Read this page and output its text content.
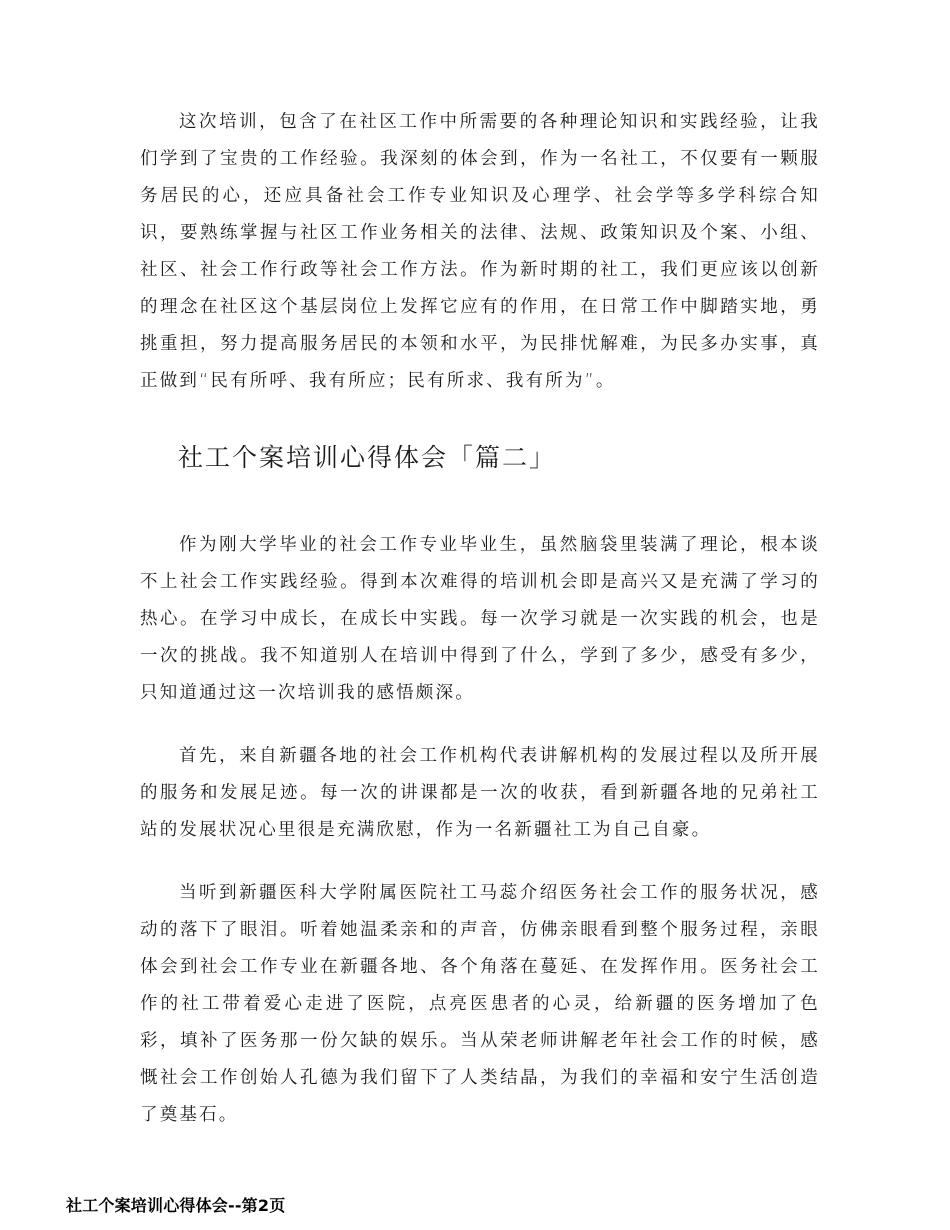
这次培训，包含了在社区工作中所需要的各种理论知识和实践经验，让我们学到了宝贵的工作经验。我深刻的体会到，作为一名社工，不仅要有一颗服务居民的心，还应具备社会工作专业知识及心理学、社会学等多学科综合知识，要熟练掌握与社区工作业务相关的法律、法规、政策知识及个案、小组、社区、社会工作行政等社会工作方法。作为新时期的社工，我们更应该以创新的理念在社区这个基层岗位上发挥它应有的作用，在日常工作中脚踏实地，勇挑重担，努力提高服务居民的本领和水平，为民排忧解难，为民多办实事，真正做到“民有所呼、我有所应；民有所求、我有所为”。

社工个案培训心得体会「篇二」

作为刚大学毕业的社会工作专业毕业生，虽然脑袋里装满了理论，根本谈不上社会工作实践经验。得到本次难得的培训机会即是高兴又是充满了学习的热心。在学习中成长，在成长中实践。每一次学习就是一次实践的机会，也是一次的挑战。我不知道别人在培训中得到了什么，学到了多少，感受有多少，只知道通过这一次培训我的感悟颇深。

首先，来自新疆各地的社会工作机构代表讲解机构的发展过程以及所开展的服务和发展足迹。每一次的讲课都是一次的收获，看到新疆各地的兄弟社工站的发展状况心里很是充满欣慰，作为一名新疆社工为自己自豪。

当听到新疆医科大学附属医院社工马蕊介绍医务社会工作的服务状况，感动的落下了眼泪。听着她温柔亲和的声音，仿佛亲眼看到整个服务过程，亲眼体会到社会工作专业在新疆各地、各个角落在蔓延、在发挥作用。医务社会工作的社工带着爱心走进了医院，点亮医患者的心灵，给新疆的医务增加了色彩，填补了医务那一份欠缺的娱乐。当从荣老师讲解老年社会工作的时候，感慨社会工作创始人孔德为我们留下了人类结晶，为我们的幸福和安宁生活创造了奠基石。

社工个案培训心得体会--第2页
